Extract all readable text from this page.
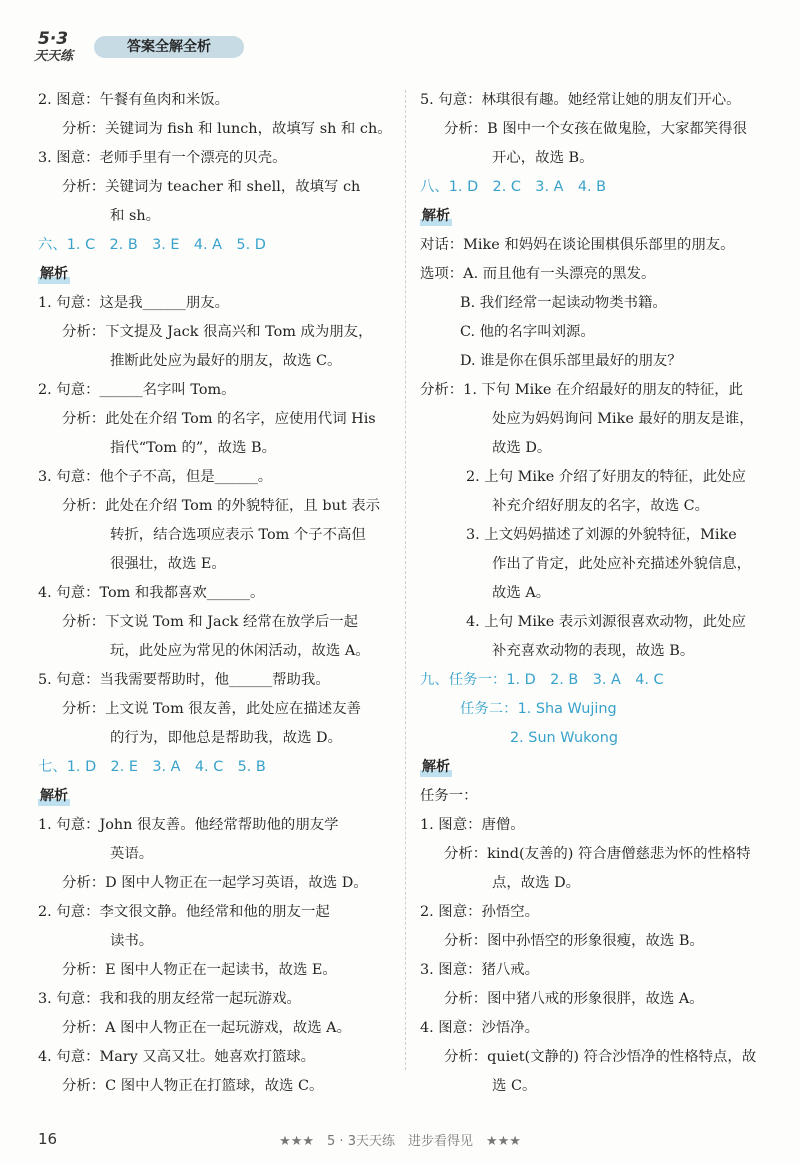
5·3
天天练
答案全解全析
2. 图意：午餐有鱼肉和米饭。
分析：关键词为 fish 和 lunch，故填写 sh 和 ch。
3. 图意：老师手里有一个漂亮的贝壳。
分析：关键词为 teacher 和 shell，故填写 ch
和 sh。
六、1. C　2. B　3. E　4. A　5. D
解析
1. 句意：这是我______朋友。
分析：下文提及 Jack 很高兴和 Tom 成为朋友，
推断此处应为最好的朋友，故选 C。
2. 句意：______名字叫 Tom。
分析：此处在介绍 Tom 的名字，应使用代词 His
指代“Tom 的”，故选 B。
3. 句意：他个子不高，但是______。
分析：此处在介绍 Tom 的外貌特征，且 but 表示
转折，结合选项应表示 Tom 个子不高但
很强壮，故选 E。
4. 句意：Tom 和我都喜欢______。
分析：下文说 Tom 和 Jack 经常在放学后一起
玩，此处应为常见的休闲活动，故选 A。
5. 句意：当我需要帮助时，他______帮助我。
分析：上文说 Tom 很友善，此处应在描述友善
的行为，即他总是帮助我，故选 D。
七、1. D　2. E　3. A　4. C　5. B
解析
1. 句意：John 很友善。他经常帮助他的朋友学
英语。
分析：D 图中人物正在一起学习英语，故选 D。
2. 句意：李文很文静。他经常和他的朋友一起
读书。
分析：E 图中人物正在一起读书，故选 E。
3. 句意：我和我的朋友经常一起玩游戏。
分析：A 图中人物正在一起玩游戏，故选 A。
4. 句意：Mary 又高又壮。她喜欢打篮球。
分析：C 图中人物正在打篮球，故选 C。
5. 句意：林琪很有趣。她经常让她的朋友们开心。
分析：B 图中一个女孩在做鬼脸，大家都笑得很
开心，故选 B。
八、1. D　2. C　3. A　4. B
解析
对话：Mike 和妈妈在谈论围棋俱乐部里的朋友。
选项：A. 而且他有一头漂亮的黑发。
B. 我们经常一起读动物类书籍。
C. 他的名字叫刘源。
D. 谁是你在俱乐部里最好的朋友？
分析：1. 下句 Mike 在介绍最好的朋友的特征，此
处应为妈妈询问 Mike 最好的朋友是谁，
故选 D。
2. 上句 Mike 介绍了好朋友的特征，此处应
补充介绍好朋友的名字，故选 C。
3. 上文妈妈描述了刘源的外貌特征，Mike
作出了肯定，此处应补充描述外貌信息，
故选 A。
4. 上句 Mike 表示刘源很喜欢动物，此处应
补充喜欢动物的表现，故选 B。
九、任务一：1. D　2. B　3. A　4. C
任务二：1. Sha Wujing
2. Sun Wukong
解析
任务一：
1. 图意：唐僧。
分析：kind(友善的) 符合唐僧慈悲为怀的性格特
点，故选 D。
2. 图意：孙悟空。
分析：图中孙悟空的形象很瘦，故选 B。
3. 图意：猪八戒。
分析：图中猪八戒的形象很胖，故选 A。
4. 图意：沙悟净。
分析：quiet(文静的) 符合沙悟净的性格特点，故
选 C。
★★★　5 · 3天天练　进步看得见　★★★
16
